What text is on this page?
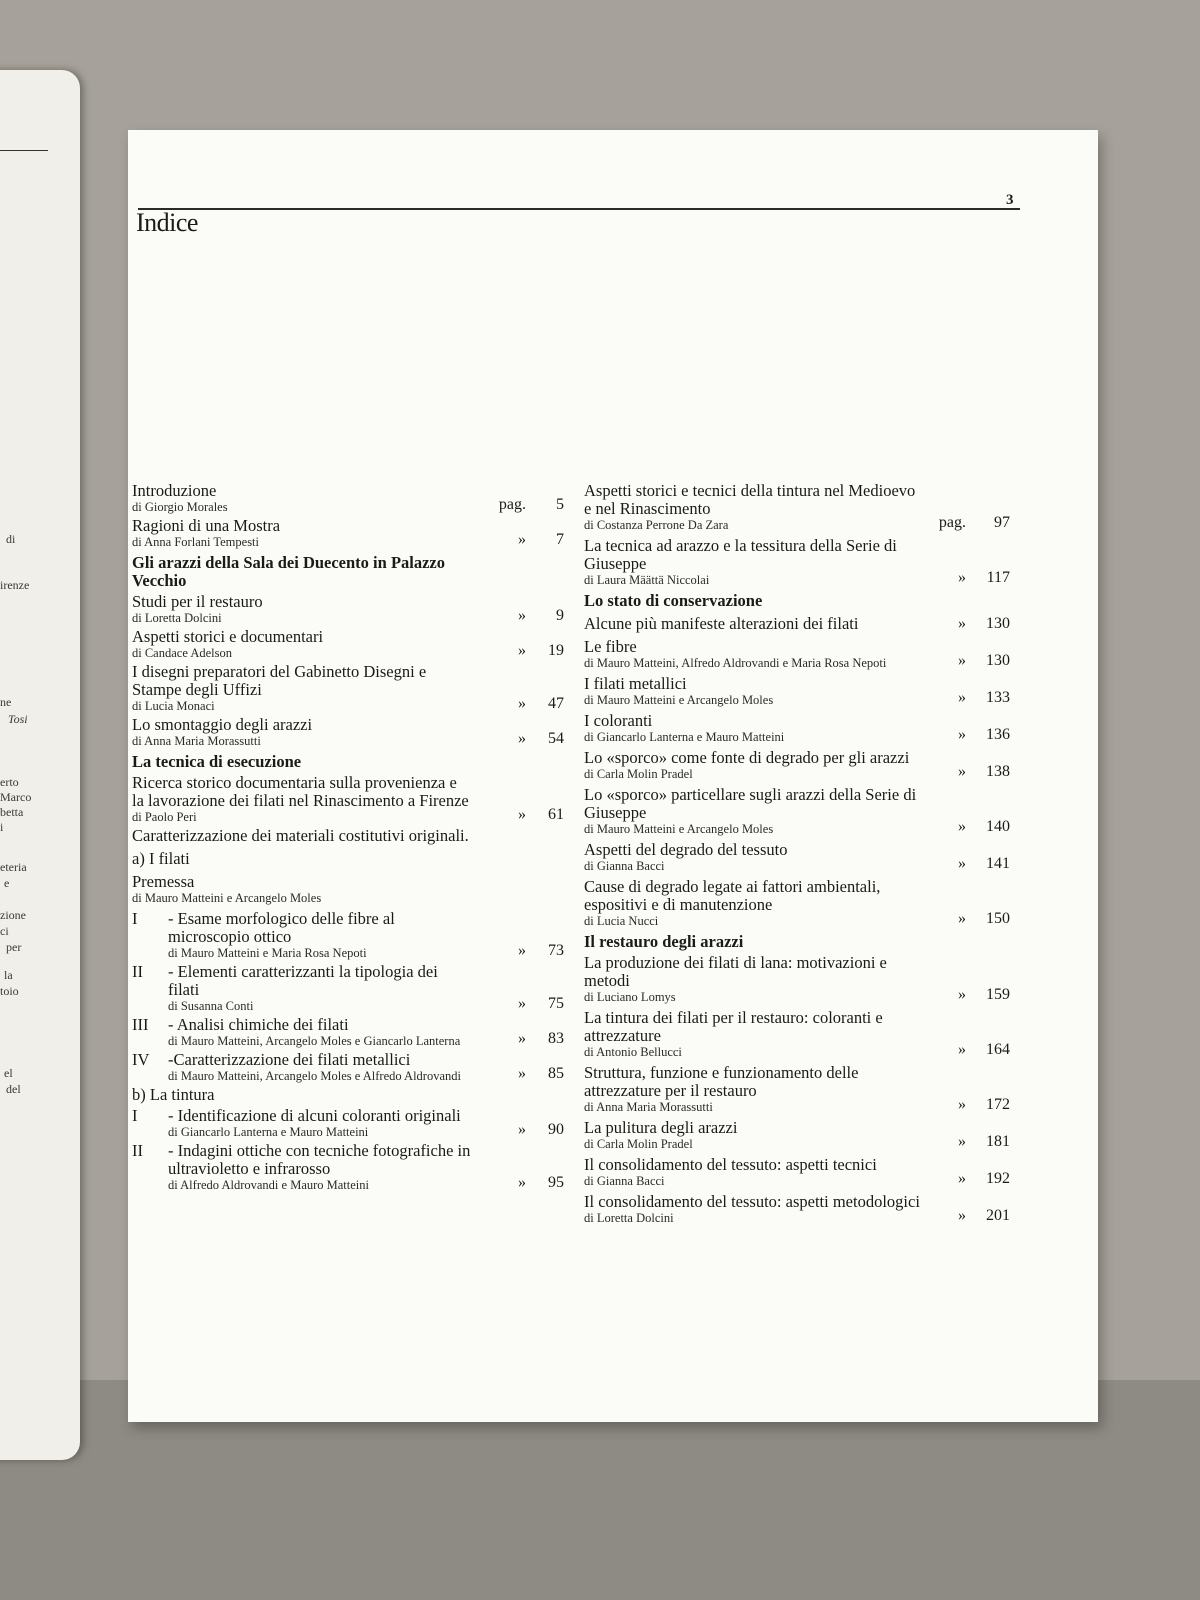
di
irenze
ne
Tosi
erto
Marco
betta
i
eteria
e
zione
ci
per
la
toio
el
del
3
Indice
Introduzione
di Giorgio Morales	pag. 5
Ragioni di una Mostra
di Anna Forlani Tempesti	» 7
Gli arazzi della Sala dei Duecento in Palazzo Vecchio
Studi per il restauro
di Loretta Dolcini	» 9
Aspetti storici e documentari
di Candace Adelson	» 19
I disegni preparatori del Gabinetto Disegni e Stampe degli Uffizi
di Lucia Monaci	» 47
Lo smontaggio degli arazzi
di Anna Maria Morassutti	» 54
La tecnica di esecuzione
Ricerca storico documentaria sulla provenienza e la lavorazione dei filati nel Rinascimento a Firenze
di Paolo Peri	» 61
Caratterizzazione dei materiali costitutivi originali.
a) I filati
Premessa
di Mauro Matteini e Arcangelo Moles
I	- Esame morfologico delle fibre al microscopio ottico
di Mauro Matteini e Maria Rosa Nepoti	» 73
II	- Elementi caratterizzanti la tipologia dei filati
di Susanna Conti	» 75
III	- Analisi chimiche dei filati
di Mauro Matteini, Arcangelo Moles e Giancarlo Lanterna	» 83
IV	-Caratterizzazione dei filati metallici
di Mauro Matteini, Arcangelo Moles e Alfredo Aldrovandi	» 85
b) La tintura
I	- Identificazione di alcuni coloranti originali
di Giancarlo Lanterna e Mauro Matteini	» 90
II	- Indagini ottiche con tecniche fotografiche in ultravioletto e infrarosso
di Alfredo Aldrovandi e Mauro Matteini	» 95
Aspetti storici e tecnici della tintura nel Medioevo e nel Rinascimento
di Costanza Perrone Da Zara	pag. 97
La tecnica ad arazzo e la tessitura della Serie di Giuseppe
di Laura Määttä Niccolai	» 117
Lo stato di conservazione
Alcune più manifeste alterazioni dei filati	» 130
Le fibre
di Mauro Matteini, Alfredo Aldrovandi e Maria Rosa Nepoti	» 130
I filati metallici
di Mauro Matteini e Arcangelo Moles	» 133
I coloranti
di Giancarlo Lanterna e Mauro Matteini	» 136
Lo «sporco» come fonte di degrado per gli arazzi
di Carla Molin Pradel	» 138
Lo «sporco» particellare sugli arazzi della Serie di Giuseppe
di Mauro Matteini e Arcangelo Moles	» 140
Aspetti del degrado del tessuto
di Gianna Bacci	» 141
Cause di degrado legate ai fattori ambientali, espositivi e di manutenzione
di Lucia Nucci	» 150
Il restauro degli arazzi
La produzione dei filati di lana: motivazioni e metodi
di Luciano Lomys	» 159
La tintura dei filati per il restauro: coloranti e attrezzature
di Antonio Bellucci	» 164
Struttura, funzione e funzionamento delle attrezzature per il restauro
di Anna Maria Morassutti	» 172
La pulitura degli arazzi
di Carla Molin Pradel	» 181
Il consolidamento del tessuto: aspetti tecnici
di Gianna Bacci	» 192
Il consolidamento del tessuto: aspetti metodologici
di Loretta Dolcini	» 201
